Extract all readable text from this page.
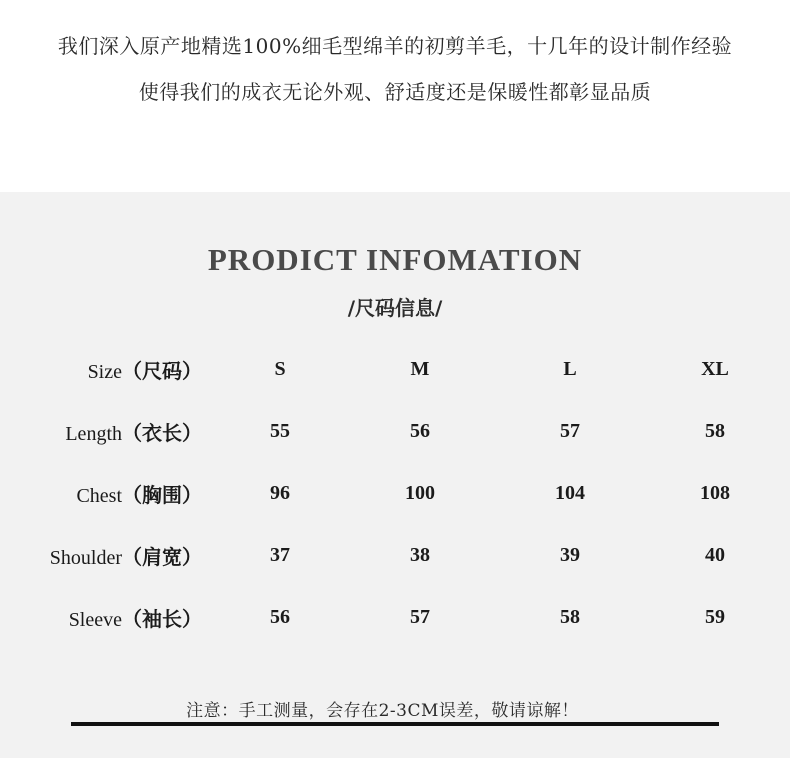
我们深入原产地精选100%细毛型绵羊的初剪羊毛，十几年的设计制作经验
使得我们的成衣无论外观、舒适度还是保暖性都彰显品质
PRODICT INFOMATION
/尺码信息/
Size（尺码）	S	M	L	XL
Length（衣长）	55	56	57	58
Chest（胸围）	96	100	104	108
Shoulder（肩宽）	37	38	39	40
Sleeve（袖长）	56	57	58	59
注意：手工测量，会存在2-3CM误差，敬请谅解！
